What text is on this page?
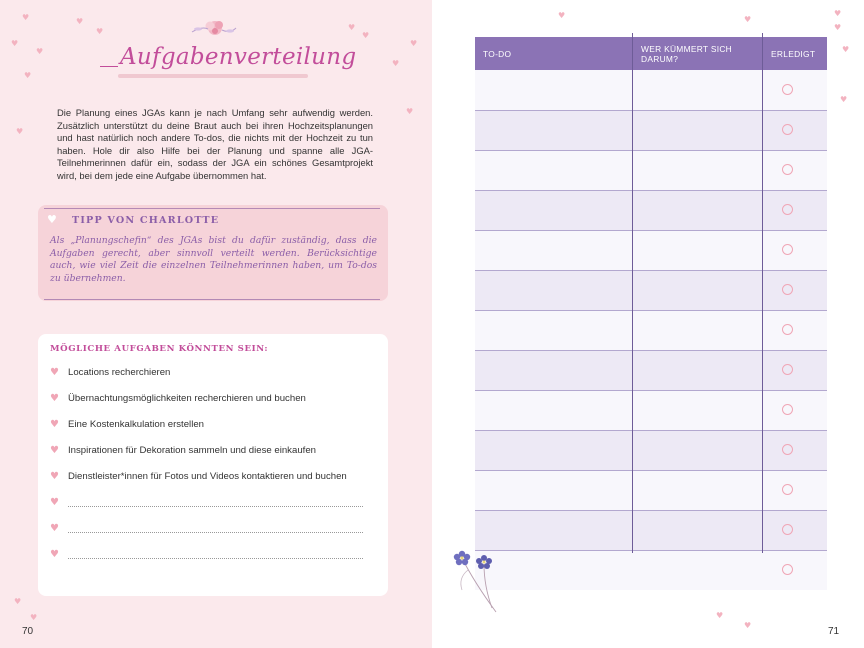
♥	♥
♥
♥
♥
♥
♥
♥
♥
♥
♥
♥
♥
♥
Aufgabenverteilung
Die Planung eines JGAs kann je nach Umfang sehr aufwendig werden. Zusätzlich unterstützt du deine Braut auch bei ihren Hochzeitsplanungen und hast natürlich noch andere To-dos, die nichts mit der Hochzeit zu tun haben. Hole dir also Hilfe bei der Planung und spanne alle JGA-Teilnehmerinnen dafür ein, sodass der JGA ein schönes Gesamtprojekt wird, bei dem jede eine Aufgabe übernommen hat.
♥ TIPP VON CHARLOTTE
Als „Planungschefin“ des JGAs bist du dafür zuständig, dass die Aufgaben gerecht, aber sinnvoll verteilt werden. Berücksichtige auch, wie viel Zeit die einzelnen Teilnehmerinnen haben, um To-dos zu übernehmen.
MÖGLICHE AUFGABEN KÖNNTEN SEIN:
♥ Locations recherchieren
♥ Übernachtungsmöglichkeiten recherchieren und buchen
♥ Eine Kostenkalkulation erstellen
♥ Inspirationen für Dekoration sammeln und diese einkaufen
♥ Dienstleister*innen für Fotos und Videos kontaktieren und buchen
♥
♥
♥
70
♥	♥
♥
♥
♥
♥
♥
♥
TO-DO	WER KÜMMERT SICH DARUM?	ERLEDIGT
71
